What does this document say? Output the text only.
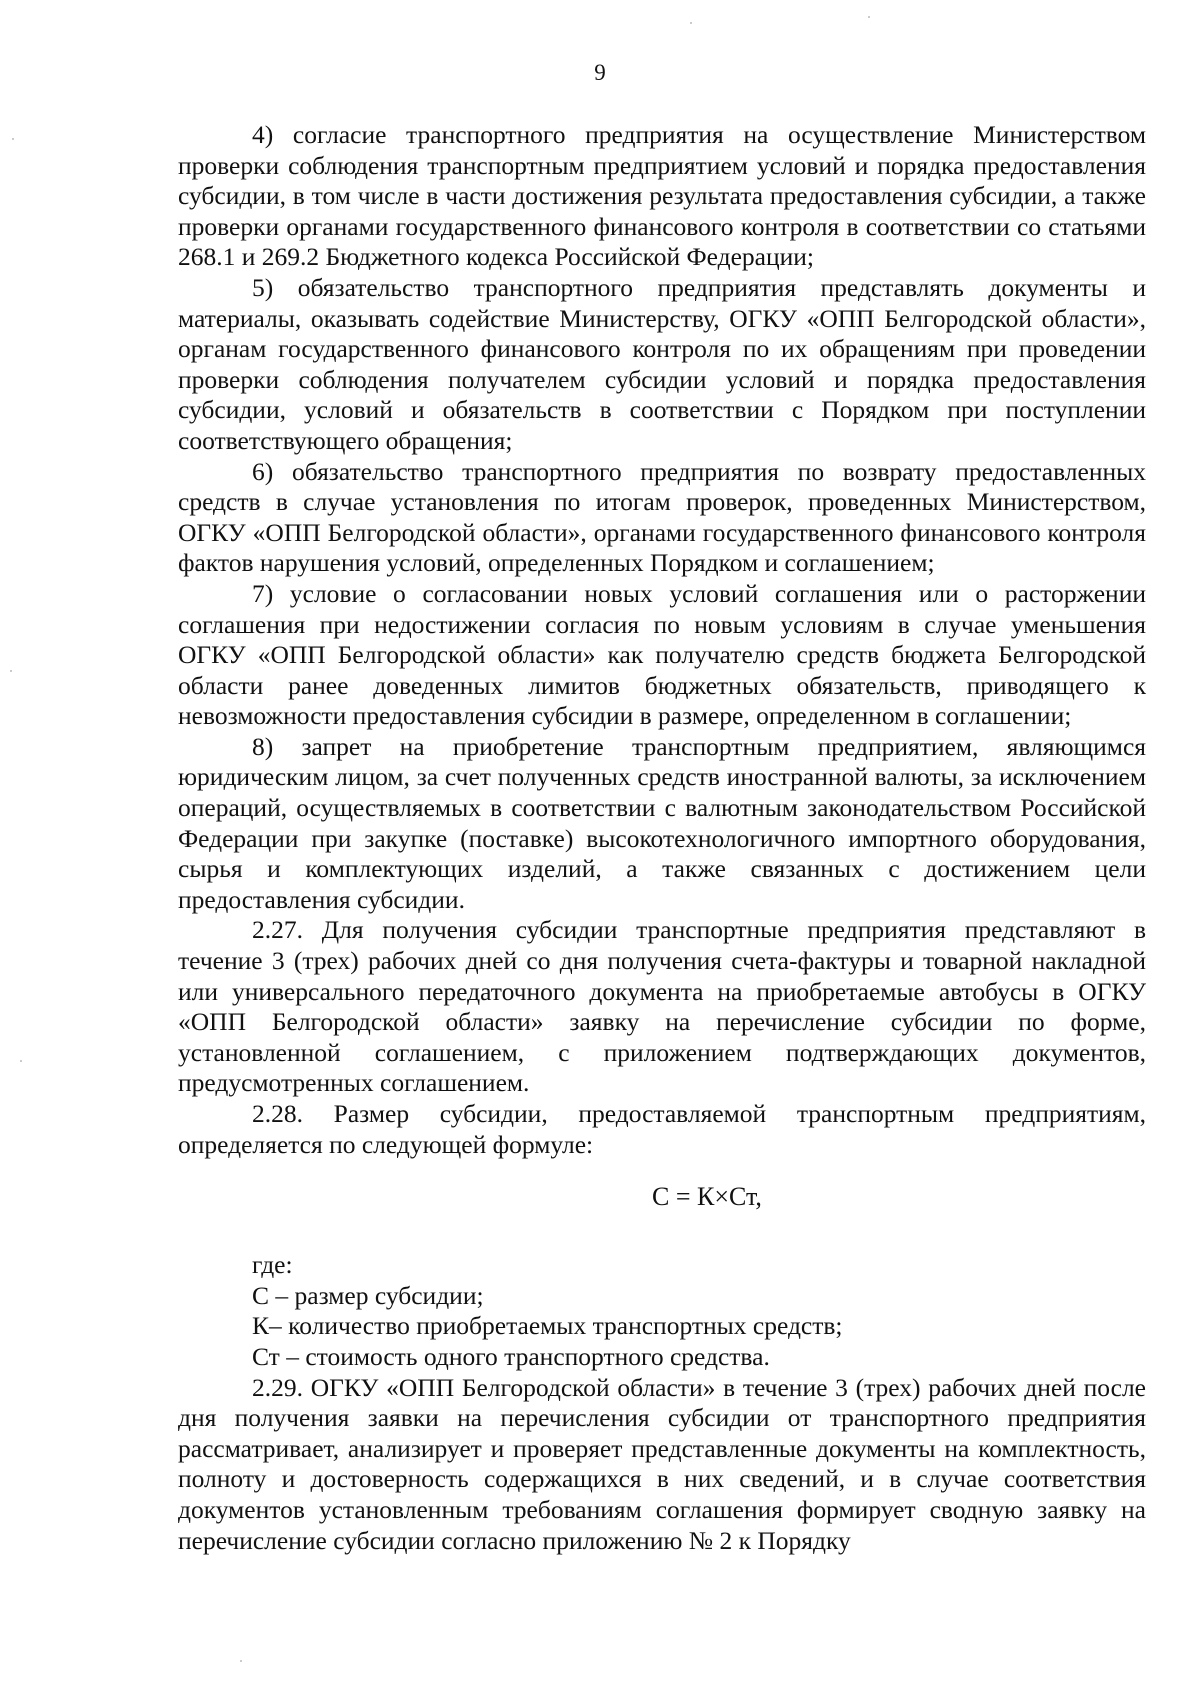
9

4) согласие транспортного предприятия на осуществление Министерством проверки соблюдения транспортным предприятием условий и порядка предоставления субсидии, в том числе в части достижения результата предоставления субсидии, а также проверки органами государственного финансового контроля в соответствии со статьями 268.1 и 269.2 Бюджетного кодекса Российской Федерации;

5) обязательство транспортного предприятия представлять документы и материалы, оказывать содействие Министерству, ОГКУ «ОПП Белгородской области», органам государственного финансового контроля по их обращениям при проведении проверки соблюдения получателем субсидии условий и порядка предоставления субсидии, условий и обязательств в соответствии с Порядком при поступлении соответствующего обращения;

6) обязательство транспортного предприятия по возврату предоставленных средств в случае установления по итогам проверок, проведенных Министерством, ОГКУ «ОПП Белгородской области», органами государственного финансового контроля фактов нарушения условий, определенных Порядком и соглашением;

7) условие о согласовании новых условий соглашения или о расторжении соглашения при недостижении согласия по новым условиям в случае уменьшения ОГКУ «ОПП Белгородской области» как получателю средств бюджета Белгородской области ранее доведенных лимитов бюджетных обязательств, приводящего к невозможности предоставления субсидии в размере, определенном в соглашении;

8) запрет на приобретение транспортным предприятием, являющимся юридическим лицом, за счет полученных средств иностранной валюты, за исключением операций, осуществляемых в соответствии с валютным законодательством Российской Федерации при закупке (поставке) высокотехнологичного импортного оборудования, сырья и комплектующих изделий, а также связанных с достижением цели предоставления субсидии.

2.27. Для получения субсидии транспортные предприятия представляют в течение 3 (трех) рабочих дней со дня получения счета-фактуры и товарной накладной или универсального передаточного документа на приобретаемые автобусы в ОГКУ «ОПП Белгородской области» заявку на перечисление субсидии по форме, установленной соглашением, с приложением подтверждающих документов, предусмотренных соглашением.

2.28. Размер субсидии, предоставляемой транспортным предприятиям, определяется по следующей формуле:

С = К×Ст,

где:

С – размер субсидии;

К– количество приобретаемых транспортных средств;

Ст – стоимость одного транспортного средства.

2.29. ОГКУ «ОПП Белгородской области» в течение 3 (трех) рабочих дней после дня получения заявки на перечисления субсидии от транспортного предприятия рассматривает, анализирует и проверяет представленные документы на комплектность, полноту и достоверность содержащихся в них сведений, и в случае соответствия документов установленным требованиям соглашения формирует сводную заявку на перечисление субсидии согласно приложению № 2 к Порядку
